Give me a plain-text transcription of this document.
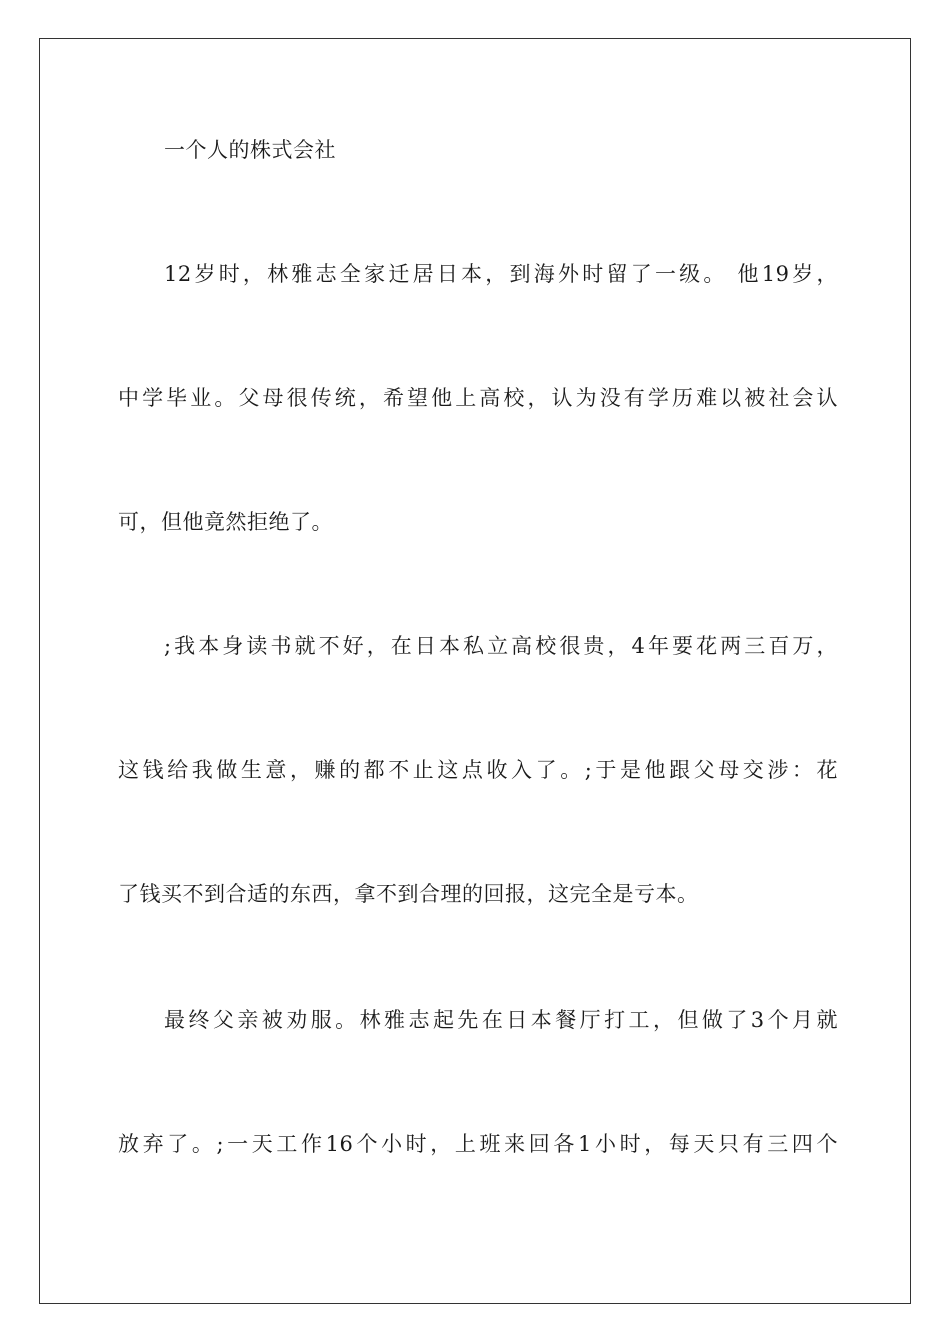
一个人的株式会社
12岁时，林雅志全家迁居日本，到海外时留了一级。 他19岁，
中学毕业。父母很传统，希望他上高校，认为没有学历难以被社会认
可，但他竟然拒绝了。
;我本身读书就不好，在日本私立高校很贵，4年要花两三百万，
这钱给我做生意，赚的都不止这点收入了。;于是他跟父母交涉：花
了钱买不到合适的东西，拿不到合理的回报，这完全是亏本。
最终父亲被劝服。林雅志起先在日本餐厅打工，但做了3个月就
放弃了。;一天工作16个小时，上班来回各1小时，每天只有三四个
